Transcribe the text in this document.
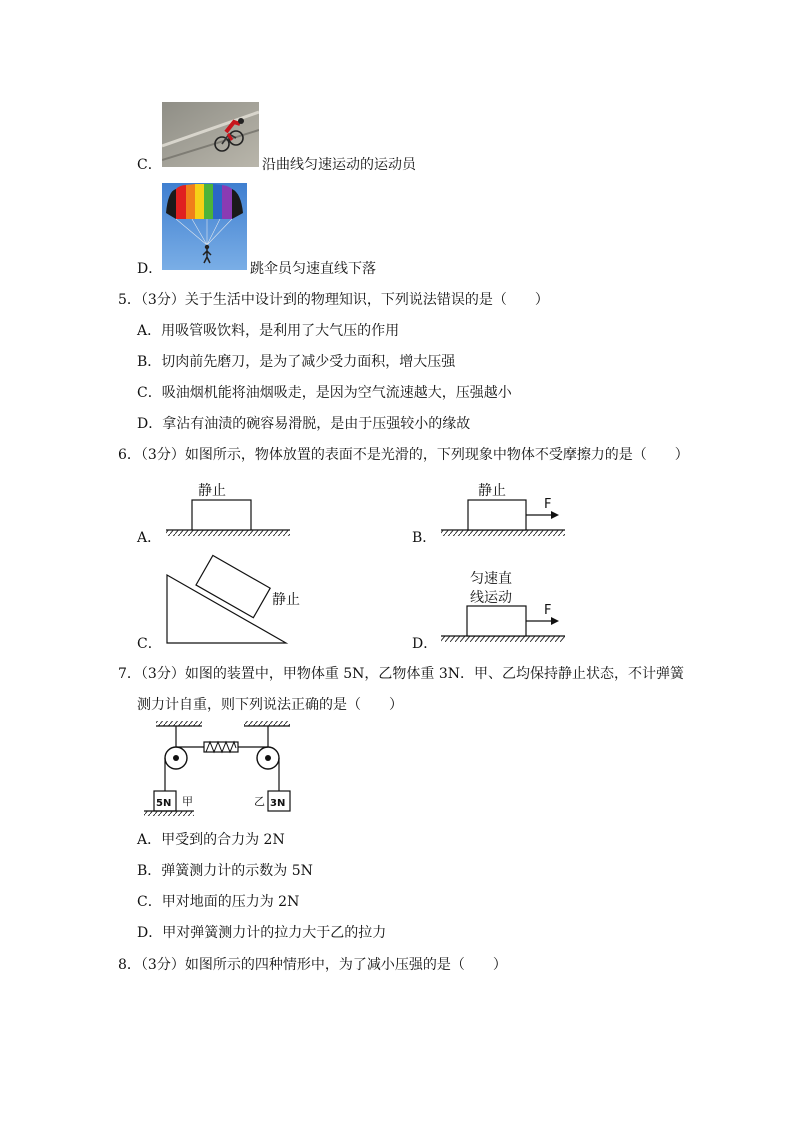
C．	沿曲线匀速运动的运动员
D．	跳伞员匀速直线下落
5．（3分）关于生活中设计到的物理知识，下列说法错误的是（　　）
A．用吸管吸饮料，是利用了大气压的作用
B．切肉前先磨刀，是为了减少受力面积，增大压强
C．吸油烟机能将油烟吸走，是因为空气流速越大，压强越小
D．拿沾有油渍的碗容易滑脱，是由于压强较小的缘故
6．（3分）如图所示，物体放置的表面不是光滑的，下列现象中物体不受摩擦力的是（　　）
A．	B．
C．	D．
静止	静止
F
静止
匀速直
线运动
F
7．（3分）如图的装置中，甲物体重 5N，乙物体重 3N．甲、乙均保持静止状态，不计弹簧
测力计自重，则下列说法正确的是（　　）
5N 甲	3N
乙
A．甲受到的合力为 2N
B．弹簧测力计的示数为 5N
C．甲对地面的压力为 2N
D．甲对弹簧测力计的拉力大于乙的拉力
8．（3分）如图所示的四种情形中，为了减小压强的是（　　）
